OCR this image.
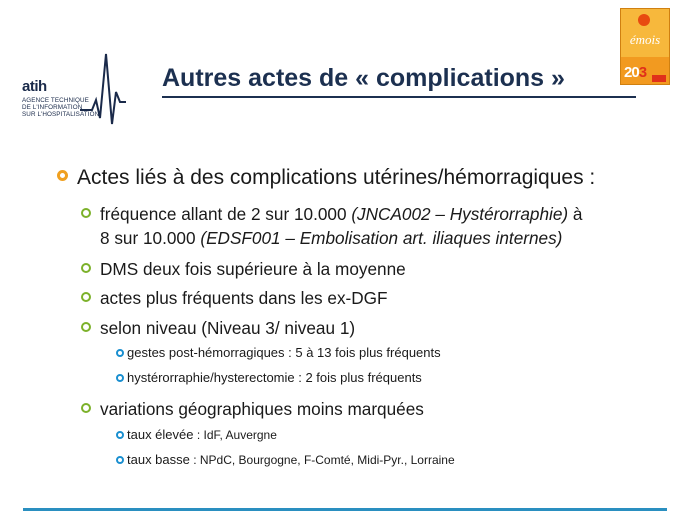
atih
AGENCE TECHNIQUE
DE L'INFORMATION
SUR L'HOSPITALISATION
émois
203
Autres actes de « complications »
Actes liés à des complications utérines/hémorragiques :
fréquence allant de 2 sur 10.000 (JNCA002 – Hystérorraphie) à
8 sur 10.000 (EDSF001 – Embolisation art. iliaques internes)
DMS deux fois supérieure à la moyenne
actes plus fréquents dans les ex-DGF
selon niveau (Niveau 3/ niveau 1)
gestes post-hémorragiques : 5 à 13 fois plus fréquents
hystérorraphie/hysterectomie : 2 fois plus fréquents
variations géographiques moins marquées
taux élevée : IdF, Auvergne
taux basse : NPdC, Bourgogne, F-Comté, Midi-Pyr., Lorraine
